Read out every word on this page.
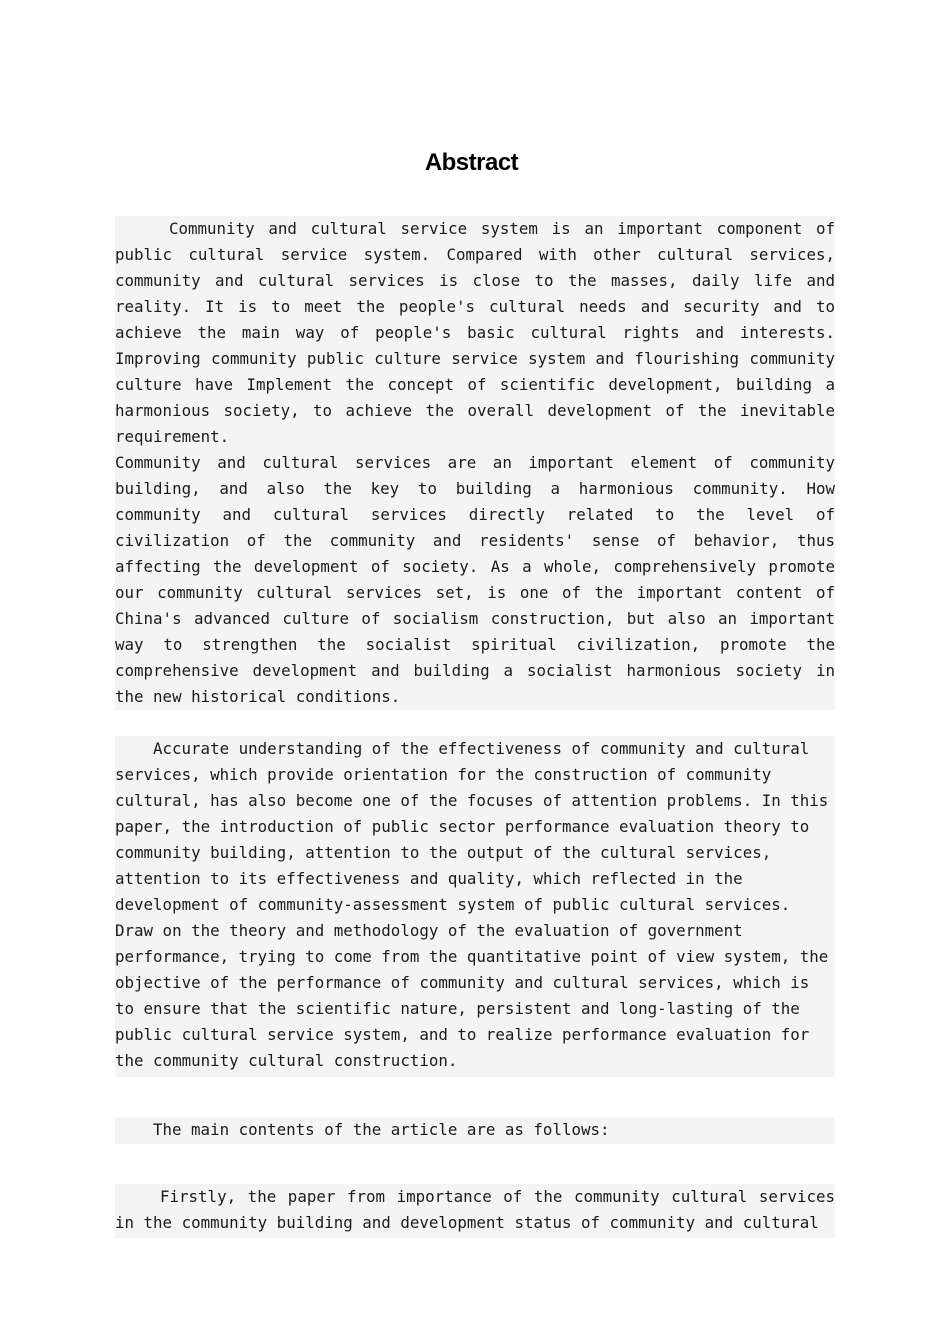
Abstract

Community and cultural service system is an important component of public cultural service system. Compared with other cultural services, community and cultural services is close to the masses, daily life and reality. It is to meet the people's cultural needs and security and to achieve the main way of people's basic cultural rights and interests. Improving community public culture service system and flourishing community culture have Implement the concept of scientific development, building a harmonious society, to achieve the overall development of the inevitable requirement.

Community and cultural services are an important element of community building, and also the key to building a harmonious community. How community and cultural services directly related to the level of civilization of the community and residents' sense of behavior, thus affecting the development of society. As a whole, comprehensively promote our community cultural services set, is one of the important content of China's advanced culture of socialism construction, but also an important way to strengthen the socialist spiritual civilization, promote the comprehensive development and building a socialist harmonious society in the new historical conditions.

Accurate understanding of the effectiveness of community and cultural
services, which provide orientation for the construction of community
cultural, has also become one of the focuses of attention problems. In this
paper, the introduction of public sector performance evaluation theory to
community building, attention to the output of the cultural services,
attention to its effectiveness and quality, which reflected in the
development of community-assessment system of public cultural services.
Draw on the theory and methodology of the evaluation of government
performance, trying to come from the quantitative point of view system, the
objective of the performance of community and cultural services, which is
to ensure that the scientific nature, persistent and long-lasting of the
public cultural service system, and to realize performance evaluation for
the community cultural construction.

The main contents of the article are as follows:

Firstly, the paper from importance of the community cultural services in the community building and development status of community and cultural
